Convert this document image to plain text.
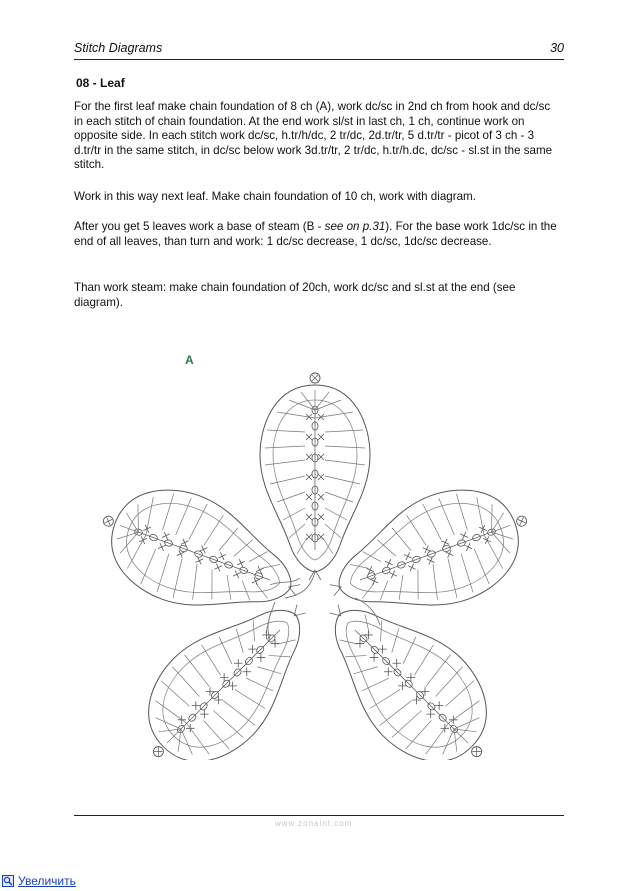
Stitch Diagrams	30
08 - Leaf
For the first leaf make chain foundation of 8 ch (A), work dc/sc in 2nd ch from hook and dc/sc in each stitch of chain foundation. At the end work sl/st in last ch, 1 ch, continue work on opposite side. In each stitch work dc/sc, h.tr/h/dc, 2 tr/dc, 2d.tr/tr, 5 d.tr/tr - picot of 3 ch - 3 d.tr/tr in the same stitch, in dc/sc below work 3d.tr/tr, 2 tr/dc, h.tr/h.dc, dc/sc - sl.st in the same stitch.
Work in this way next leaf. Make chain foundation of 10 ch, work with diagram.
After you get 5 leaves work a base of steam (B - see on p.31). For the base work 1dc/sc in the end of all leaves, than turn and work: 1 dc/sc decrease, 1 dc/sc, 1dc/sc decrease.
Than work steam: make chain foundation of 20ch, work dc/sc and sl.st at the end (see diagram).
A
www.zonaint.com
Увеличить
